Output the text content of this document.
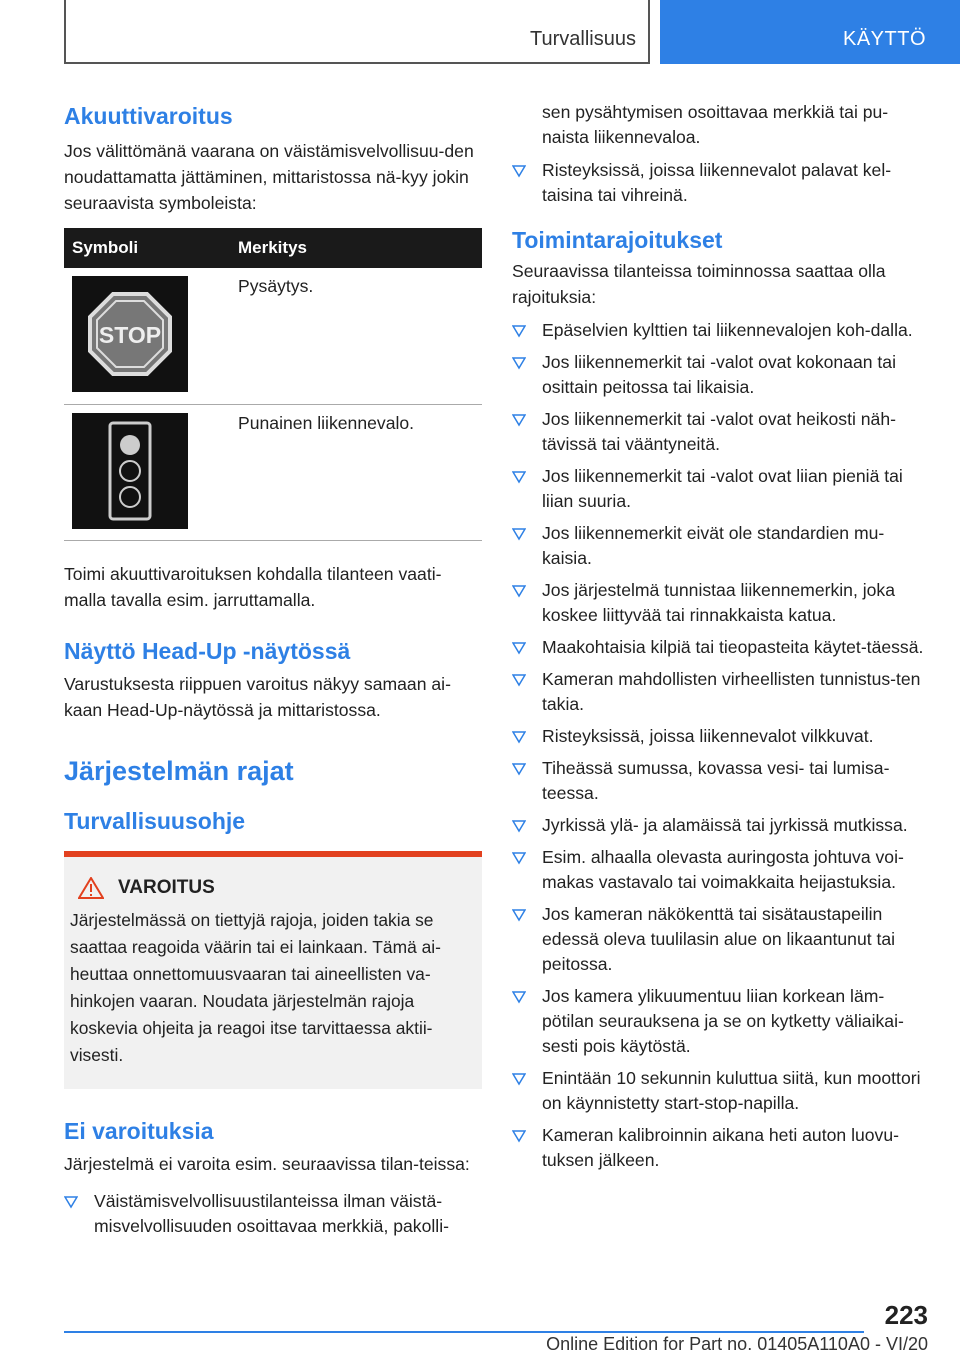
Turvallisuus	KÄYTTÖ
Akuuttivaroitus

Jos välittömänä vaarana on väistämisvelvollisuu-den noudattamatta jättäminen, mittaristossa nä-kyy jokin seuraavista symboleista:

Symboli	Merkitys

STOP	Pysäytys.

	Punainen liikennevalo.

Toimi akuuttivaroituksen kohdalla tilanteen vaati-malla tavalla esim. jarruttamalla.

Näyttö Head-Up -näytössä

Varustuksesta riippuen varoitus näkyy samaan ai-kaan Head-Up-näytössä ja mittaristossa.

Järjestelmän rajat
Turvallisuusohje
VAROITUS

Järjestelmässä on tiettyjä rajoja, joiden takia se saattaa reagoida väärin tai ei lainkaan. Tämä ai-heuttaa onnettomuusvaaran tai aineellisten va-hinkojen vaaran. Noudata järjestelmän rajoja koskevia ohjeita ja reagoi itse tarvittaessa aktii-visesti.

Ei varoituksia

Järjestelmä ei varoita esim. seuraavissa tilan-teissa:

Väistämisvelvollisuustilanteissa ilman väistä-misvelvollisuuden osoittavaa merkkiä, pakolli-
sen pysähtymisen osoittavaa merkkiä tai pu-naista liikennevaloa.
Risteyksissä, joissa liikennevalot palavat kel-taisina tai vihreinä.
Toimintarajoitukset

Seuraavissa tilanteissa toiminnossa saattaa olla rajoituksia:

Epäselvien kylttien tai liikennevalojen koh-dalla.
Jos liikennemerkit tai -valot ovat kokonaan tai osittain peitossa tai likaisia.
Jos liikennemerkit tai -valot ovat heikosti näh-tävissä tai vääntyneitä.
Jos liikennemerkit tai -valot ovat liian pieniä tai liian suuria.
Jos liikennemerkit eivät ole standardien mu-kaisia.
Jos järjestelmä tunnistaa liikennemerkin, joka koskee liittyvää tai rinnakkaista katua.
Maakohtaisia kilpiä tai tieopasteita käytet-täessä.
Kameran mahdollisten virheellisten tunnistus-ten takia.
Risteyksissä, joissa liikennevalot vilkkuvat.
Tiheässä sumussa, kovassa vesi- tai lumisa-teessa.
Jyrkissä ylä- ja alamäissä tai jyrkissä mutkissa.
Esim. alhaalla olevasta auringosta johtuva voi-makas vastavalo tai voimakkaita heijastuksia.
Jos kameran näkökenttä tai sisätaustapeilin edessä oleva tuulilasin alue on likaantunut tai peitossa.
Jos kamera ylikuumentuu liian korkean läm-pötilan seurauksena ja se on kytketty väliaikai-sesti pois käytöstä.
Enintään 10 sekunnin kuluttua siitä, kun moottori on käynnistetty start-stop-napilla.
Kameran kalibroinnin aikana heti auton luovu-tuksen jälkeen.
223
Online Edition for Part no. 01405A110A0 - VI/20
